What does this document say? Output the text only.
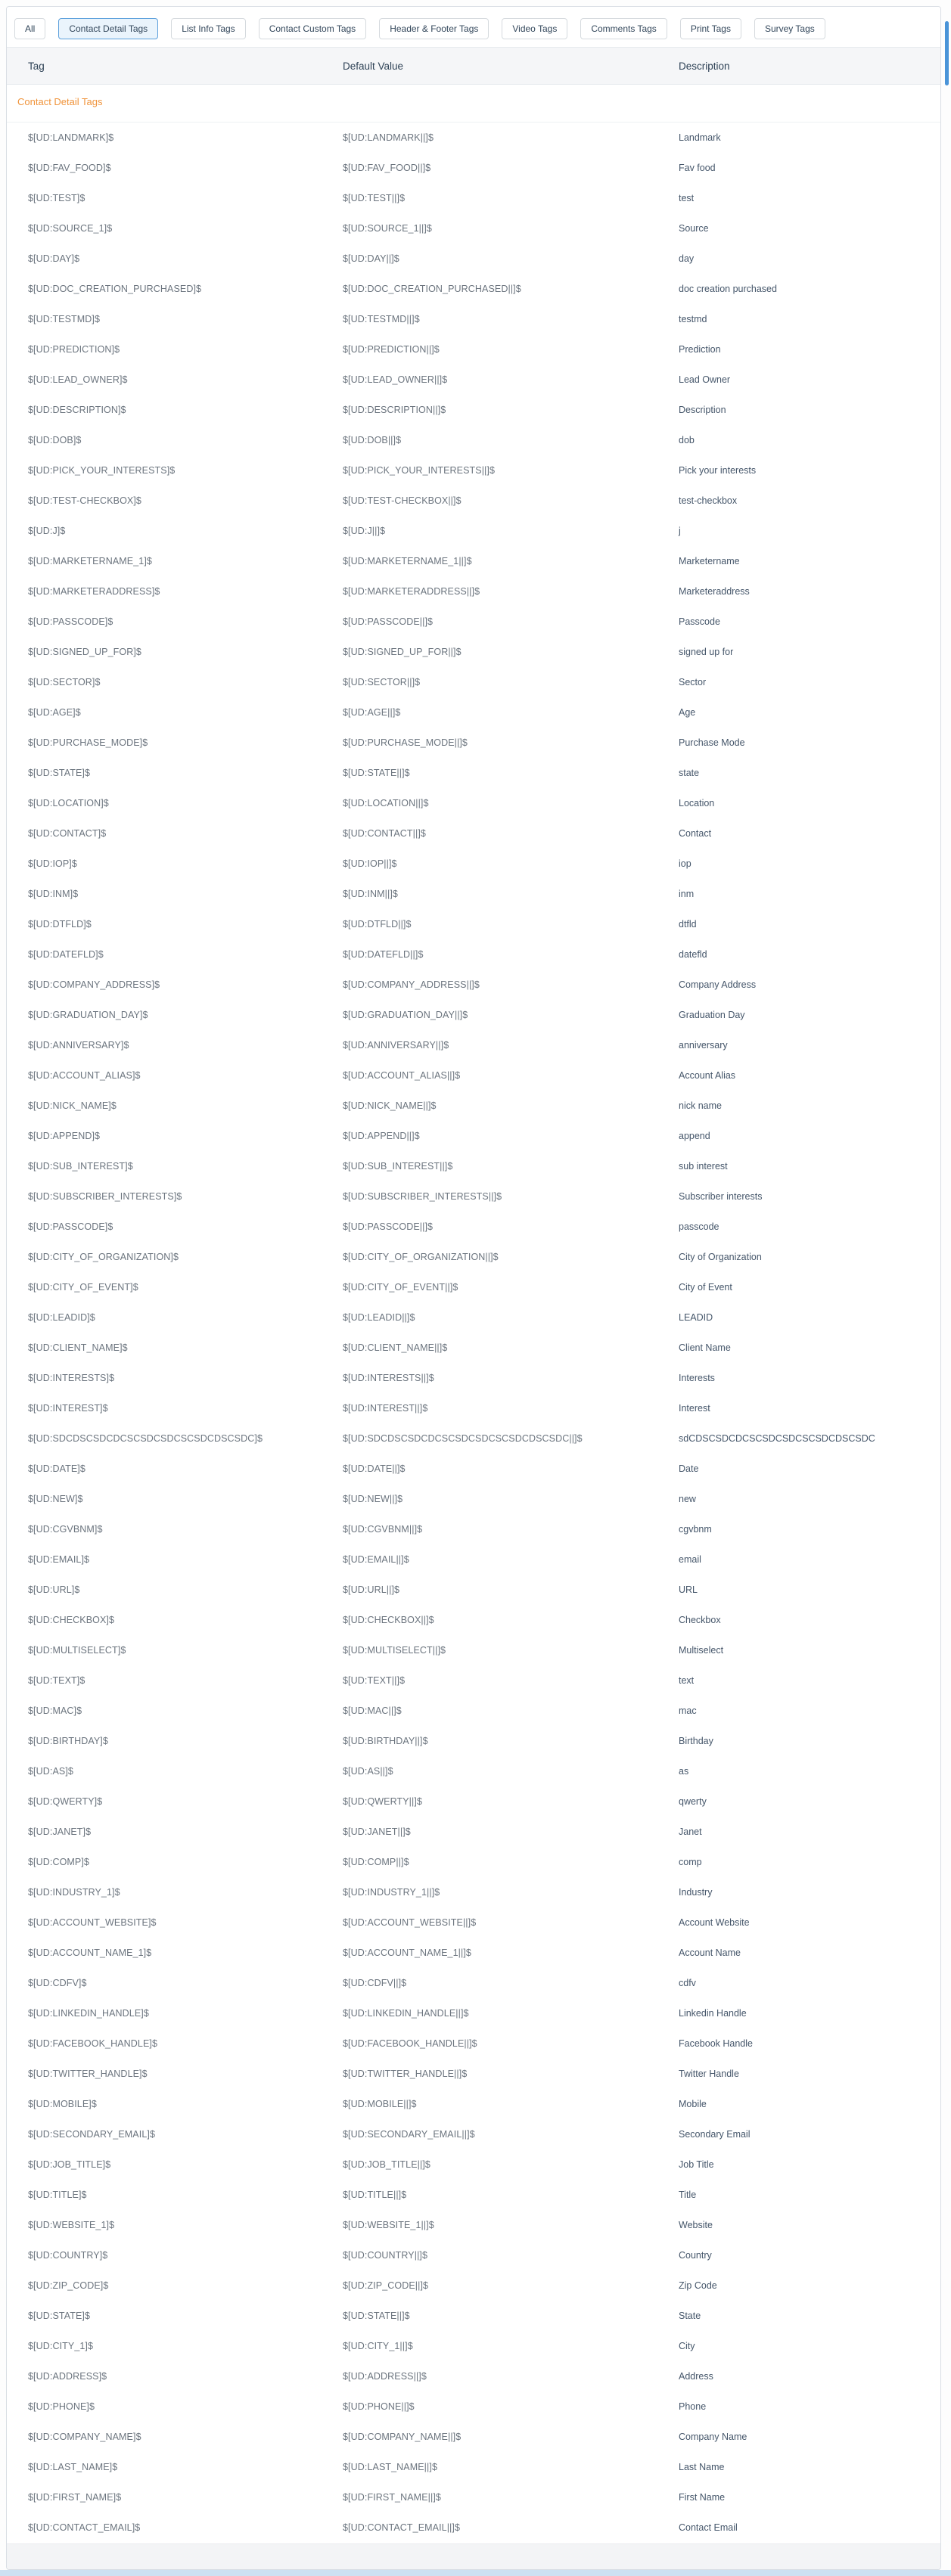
All	Contact Detail Tags	List Info Tags	Contact Custom Tags	Header & Footer Tags	Video Tags	Comments Tags	Print Tags	Survey Tags
Tag	Default Value	Description
Contact Detail Tags
$[UD:LANDMARK]$	$[UD:LANDMARK||]$	Landmark
$[UD:FAV_FOOD]$	$[UD:FAV_FOOD||]$	Fav food
$[UD:TEST]$	$[UD:TEST||]$	test
$[UD:SOURCE_1]$	$[UD:SOURCE_1||]$	Source
$[UD:DAY]$	$[UD:DAY||]$	day
$[UD:DOC_CREATION_PURCHASED]$	$[UD:DOC_CREATION_PURCHASED||]$	doc creation purchased
$[UD:TESTMD]$	$[UD:TESTMD||]$	testmd
$[UD:PREDICTION]$	$[UD:PREDICTION||]$	Prediction
$[UD:LEAD_OWNER]$	$[UD:LEAD_OWNER||]$	Lead Owner
$[UD:DESCRIPTION]$	$[UD:DESCRIPTION||]$	Description
$[UD:DOB]$	$[UD:DOB||]$	dob
$[UD:PICK_YOUR_INTERESTS]$	$[UD:PICK_YOUR_INTERESTS||]$	Pick your interests
$[UD:TEST-CHECKBOX]$	$[UD:TEST-CHECKBOX||]$	test-checkbox
$[UD:J]$	$[UD:J||]$	j
$[UD:MARKETERNAME_1]$	$[UD:MARKETERNAME_1||]$	Marketername
$[UD:MARKETERADDRESS]$	$[UD:MARKETERADDRESS||]$	Marketeraddress
$[UD:PASSCODE]$	$[UD:PASSCODE||]$	Passcode
$[UD:SIGNED_UP_FOR]$	$[UD:SIGNED_UP_FOR||]$	signed up for
$[UD:SECTOR]$	$[UD:SECTOR||]$	Sector
$[UD:AGE]$	$[UD:AGE||]$	Age
$[UD:PURCHASE_MODE]$	$[UD:PURCHASE_MODE||]$	Purchase Mode
$[UD:STATE]$	$[UD:STATE||]$	state
$[UD:LOCATION]$	$[UD:LOCATION||]$	Location
$[UD:CONTACT]$	$[UD:CONTACT||]$	Contact
$[UD:IOP]$	$[UD:IOP||]$	iop
$[UD:INM]$	$[UD:INM||]$	inm
$[UD:DTFLD]$	$[UD:DTFLD||]$	dtfld
$[UD:DATEFLD]$	$[UD:DATEFLD||]$	datefld
$[UD:COMPANY_ADDRESS]$	$[UD:COMPANY_ADDRESS||]$	Company Address
$[UD:GRADUATION_DAY]$	$[UD:GRADUATION_DAY||]$	Graduation Day
$[UD:ANNIVERSARY]$	$[UD:ANNIVERSARY||]$	anniversary
$[UD:ACCOUNT_ALIAS]$	$[UD:ACCOUNT_ALIAS||]$	Account Alias
$[UD:NICK_NAME]$	$[UD:NICK_NAME||]$	nick name
$[UD:APPEND]$	$[UD:APPEND||]$	append
$[UD:SUB_INTEREST]$	$[UD:SUB_INTEREST||]$	sub interest
$[UD:SUBSCRIBER_INTERESTS]$	$[UD:SUBSCRIBER_INTERESTS||]$	Subscriber interests
$[UD:PASSCODE]$	$[UD:PASSCODE||]$	passcode
$[UD:CITY_OF_ORGANIZATION]$	$[UD:CITY_OF_ORGANIZATION||]$	City of Organization
$[UD:CITY_OF_EVENT]$	$[UD:CITY_OF_EVENT||]$	City of Event
$[UD:LEADID]$	$[UD:LEADID||]$	LEADID
$[UD:CLIENT_NAME]$	$[UD:CLIENT_NAME||]$	Client Name
$[UD:INTERESTS]$	$[UD:INTERESTS||]$	Interests
$[UD:INTEREST]$	$[UD:INTEREST||]$	Interest
$[UD:SDCDSCSDCDCSCSDCSDCSCSDCDSCSDC]$	$[UD:SDCDSCSDCDCSCSDCSDCSCSDCDSCSDC||]$	sdCDSCSDCDCSCSDCSDCSCSDCDSCSDC
$[UD:DATE]$	$[UD:DATE||]$	Date
$[UD:NEW]$	$[UD:NEW||]$	new
$[UD:CGVBNM]$	$[UD:CGVBNM||]$	cgvbnm
$[UD:EMAIL]$	$[UD:EMAIL||]$	email
$[UD:URL]$	$[UD:URL||]$	URL
$[UD:CHECKBOX]$	$[UD:CHECKBOX||]$	Checkbox
$[UD:MULTISELECT]$	$[UD:MULTISELECT||]$	Multiselect
$[UD:TEXT]$	$[UD:TEXT||]$	text
$[UD:MAC]$	$[UD:MAC||]$	mac
$[UD:BIRTHDAY]$	$[UD:BIRTHDAY||]$	Birthday
$[UD:AS]$	$[UD:AS||]$	as
$[UD:QWERTY]$	$[UD:QWERTY||]$	qwerty
$[UD:JANET]$	$[UD:JANET||]$	Janet
$[UD:COMP]$	$[UD:COMP||]$	comp
$[UD:INDUSTRY_1]$	$[UD:INDUSTRY_1||]$	Industry
$[UD:ACCOUNT_WEBSITE]$	$[UD:ACCOUNT_WEBSITE||]$	Account Website
$[UD:ACCOUNT_NAME_1]$	$[UD:ACCOUNT_NAME_1||]$	Account Name
$[UD:CDFV]$	$[UD:CDFV||]$	cdfv
$[UD:LINKEDIN_HANDLE]$	$[UD:LINKEDIN_HANDLE||]$	Linkedin Handle
$[UD:FACEBOOK_HANDLE]$	$[UD:FACEBOOK_HANDLE||]$	Facebook Handle
$[UD:TWITTER_HANDLE]$	$[UD:TWITTER_HANDLE||]$	Twitter Handle
$[UD:MOBILE]$	$[UD:MOBILE||]$	Mobile
$[UD:SECONDARY_EMAIL]$	$[UD:SECONDARY_EMAIL||]$	Secondary Email
$[UD:JOB_TITLE]$	$[UD:JOB_TITLE||]$	Job Title
$[UD:TITLE]$	$[UD:TITLE||]$	Title
$[UD:WEBSITE_1]$	$[UD:WEBSITE_1||]$	Website
$[UD:COUNTRY]$	$[UD:COUNTRY||]$	Country
$[UD:ZIP_CODE]$	$[UD:ZIP_CODE||]$	Zip Code
$[UD:STATE]$	$[UD:STATE||]$	State
$[UD:CITY_1]$	$[UD:CITY_1||]$	City
$[UD:ADDRESS]$	$[UD:ADDRESS||]$	Address
$[UD:PHONE]$	$[UD:PHONE||]$	Phone
$[UD:COMPANY_NAME]$	$[UD:COMPANY_NAME||]$	Company Name
$[UD:LAST_NAME]$	$[UD:LAST_NAME||]$	Last Name
$[UD:FIRST_NAME]$	$[UD:FIRST_NAME||]$	First Name
$[UD:CONTACT_EMAIL]$	$[UD:CONTACT_EMAIL||]$	Contact Email
